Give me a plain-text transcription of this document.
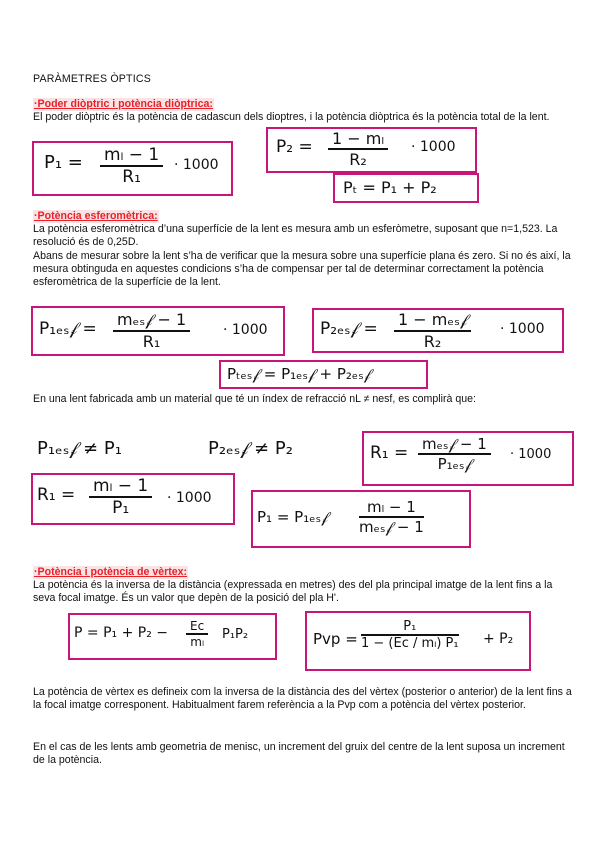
PARÀMETRES ÒPTICS
·Poder diòptric i potència diòptrica:
El poder diòptric és la potència de cadascun dels dioptres, i la potència diòptrica és la potència total de la lent.
$P_1 = \frac{\text{mₗ − 1}}{\text{R₁}} \cdot 1000$
$P_2 = \frac{\text{1 − mₗ}}{\text{R₂}} \cdot 1000$
Pₜ = P₁ + P₂
·Potència esferomètrica:
La potència esferomètrica d’una superfície de la lent es mesura amb un esferòmetre, suposant que n=1,523. La resolució és de 0,25D.
Abans de mesurar sobre la lent s’ha de verificar que la mesura sobre una superfície plana és zero. Si no és així, la mesura obtinguda en aquestes condicions s’ha de compensar per tal de determinar correctament la potència esferomètrica de la superfície de la lent.
P₁ₑₛ𝒻 = mₑₛ𝒻 − 1
R₁
· 1000	P₂ₑₛ𝒻 = 1 − mₑₛ𝒻
R₂
· 1000
Pₜₑₛ𝒻 = P₁ₑₛ𝒻 + P₂ₑₛ𝒻
En una lent fabricada amb un material que té un índex de refracció nL ≠ nesf, es complirà que:
P₁ₑₛ𝒻 ≠ P₁	P₂ₑₛ𝒻 ≠ P₂	R₁ = mₑₛ𝒻 − 1
P₁ₑₛ𝒻
· 1000
$R_1 = \frac{\text{mₗ − 1}}{\text{P₁}} \cdot 1000$
P₁ = P₁ₑₛ𝒻
mₗ − 1
mₑₛ𝒻 − 1
·Potència i potència de vèrtex:
La potència és la inversa de la distància (expressada en metres) des del pla principal imatge de la lent fins a la seva focal imatge. És un valor que depèn de la posició del pla H'.
$P = P_1 + P_2 - \frac{\text{Eᴄ}}{\text{mₗ}} P_1P_2$	Pvp = $\frac{\text{P₁}}{\text{1 − (Eᴄ / mₗ) P₁}} + P_2$
La potència de vèrtex es defineix com la inversa de la distància des del vèrtex (posterior o anterior) de la lent fins a la focal imatge corresponent. Habitualment farem referència a la Pvp com a potència del vèrtex posterior.
En el cas de les lents amb geometria de menisc, un increment del gruix del centre de la lent suposa un increment de la potència.
